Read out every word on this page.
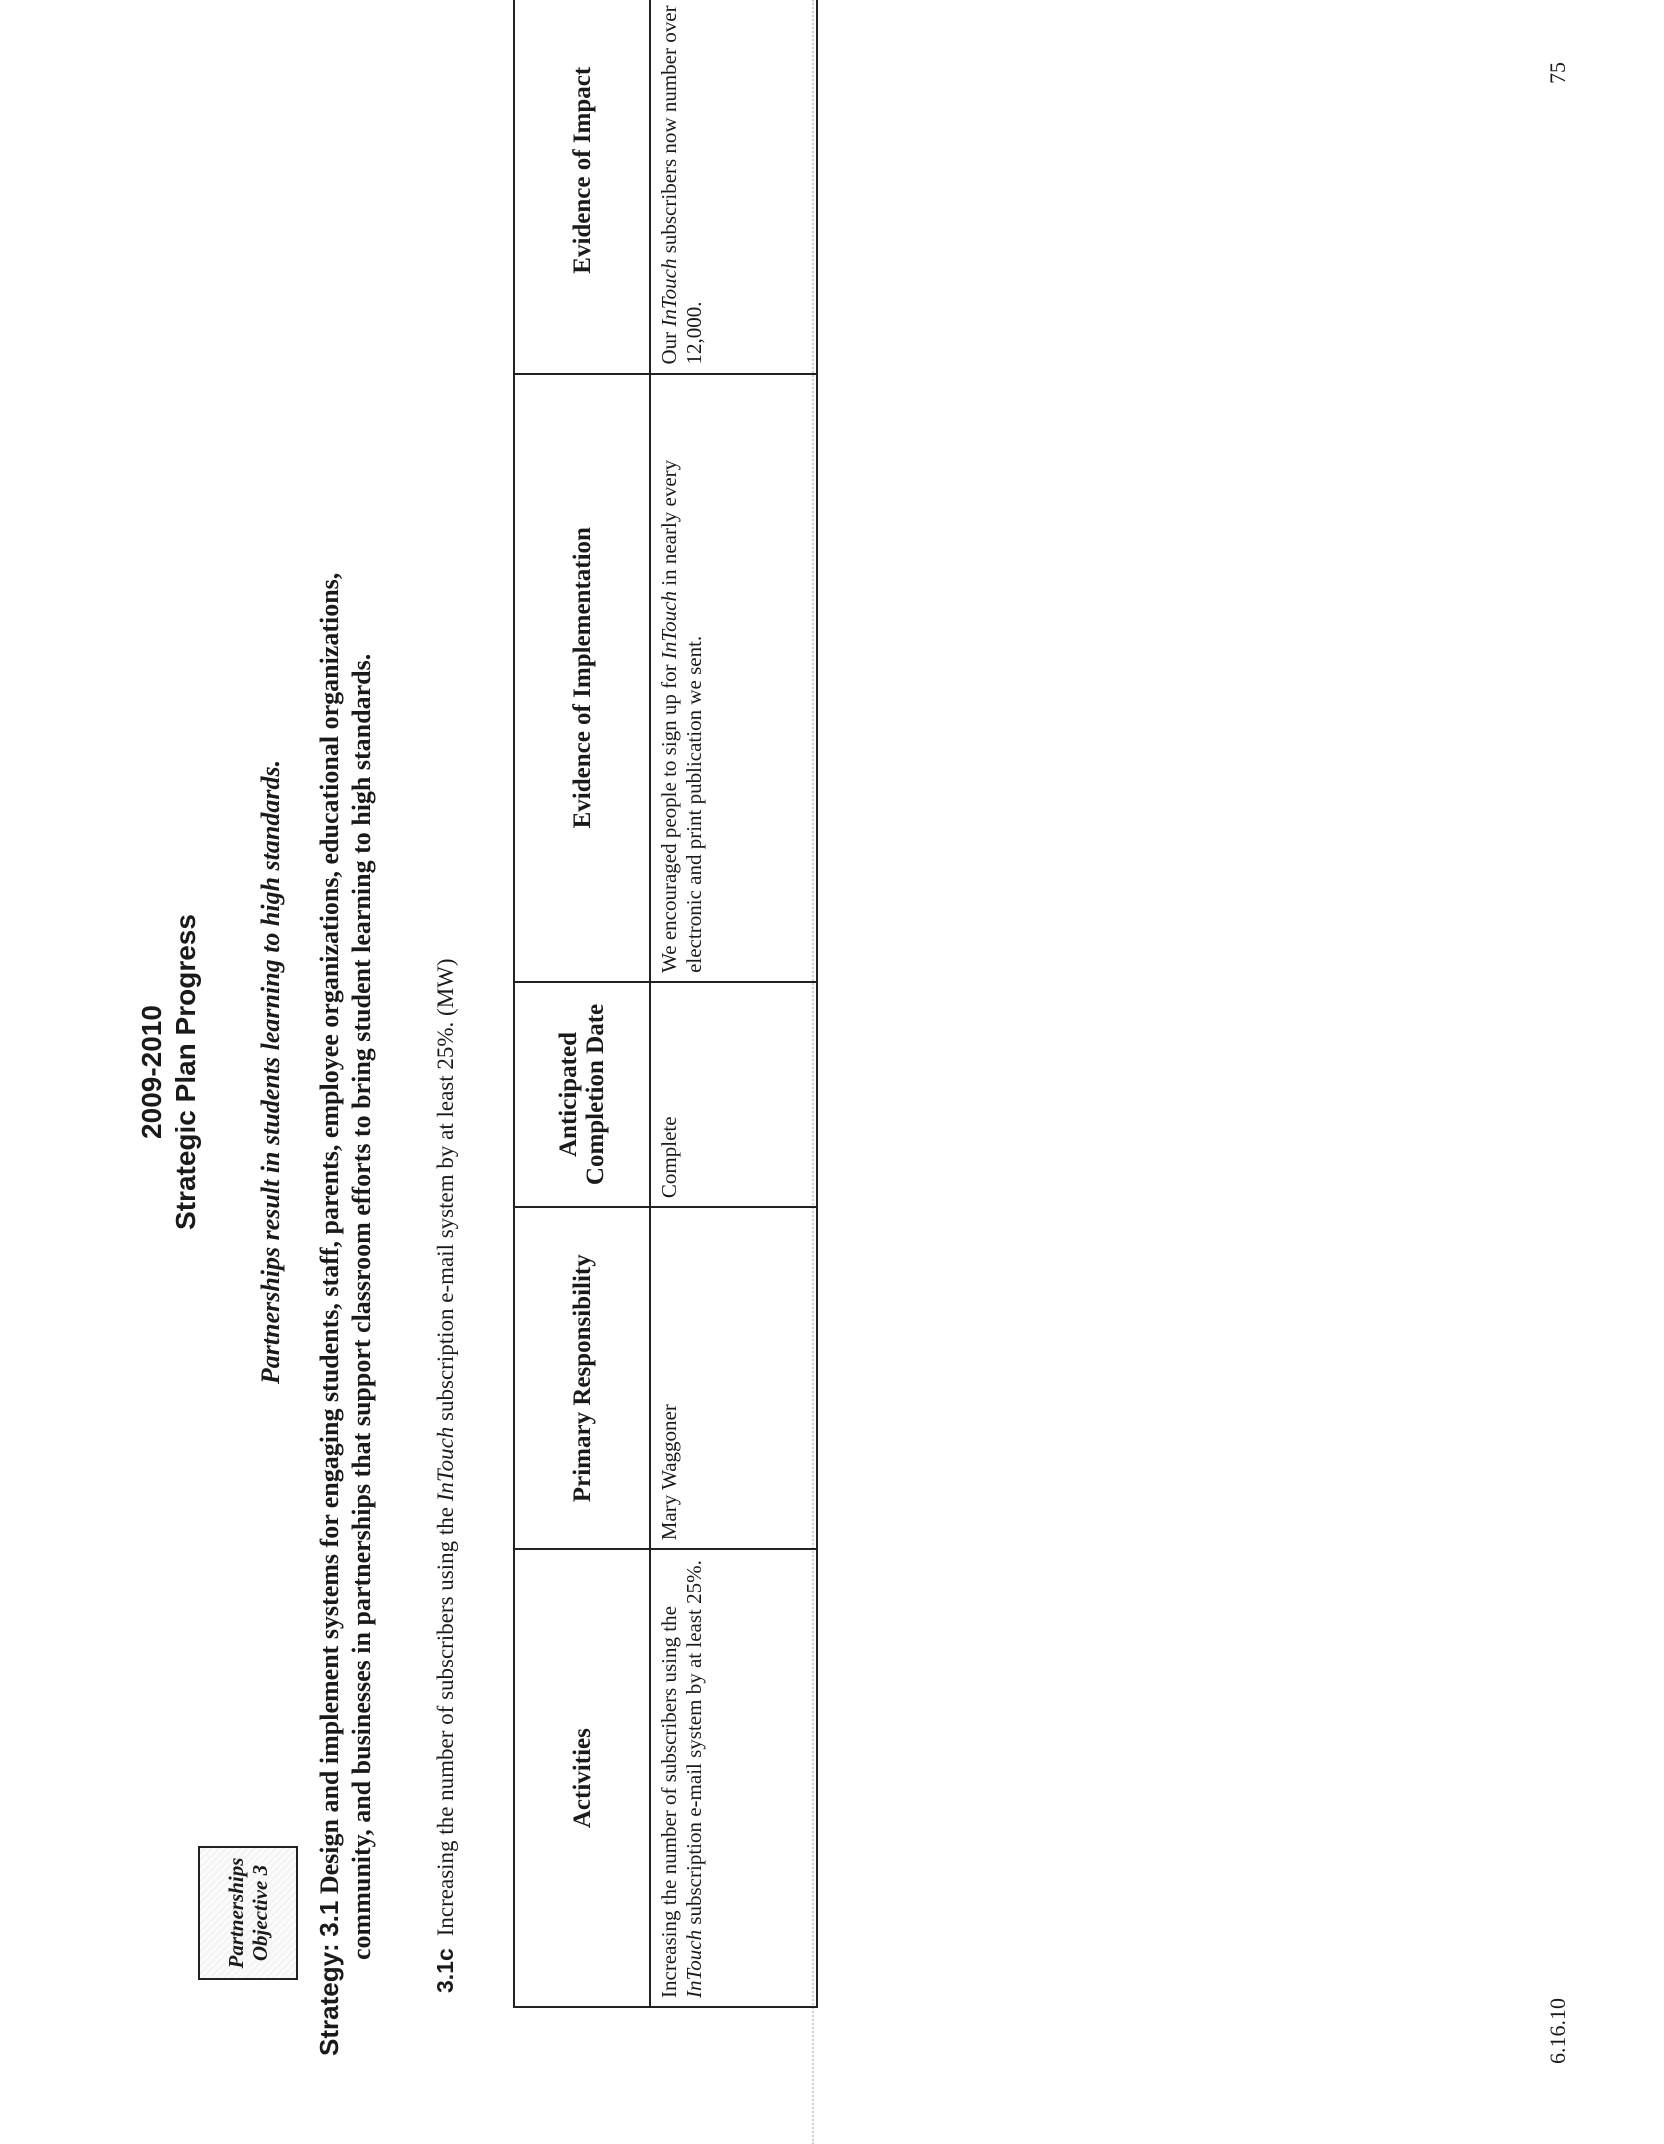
2009-2010 Strategic Plan Progress
Partnerships Objective 3
Partnerships result in students learning to high standards.
Strategy: 3.1 Design and implement systems for engaging students, staff, parents, employee organizations, educational organizations, community, and businesses in partnerships that support classroom efforts to bring student learning to high standards.
3.1cIncreasing the number of subscribers using the InTouch subscription e-mail system by at least 25%. (MW)
Activities	Primary Responsibility	Anticipated Completion Date	Evidence of Implementation	Evidence of Impact
Increasing the number of subscribers using the InTouch subscription e-mail system by at least 25%.	Mary Waggoner	Complete	We encouraged people to sign up for InTouch in nearly every electronic and print publication we sent.	Our InTouch subscribers now number over 12,000.
6.16.10
75
